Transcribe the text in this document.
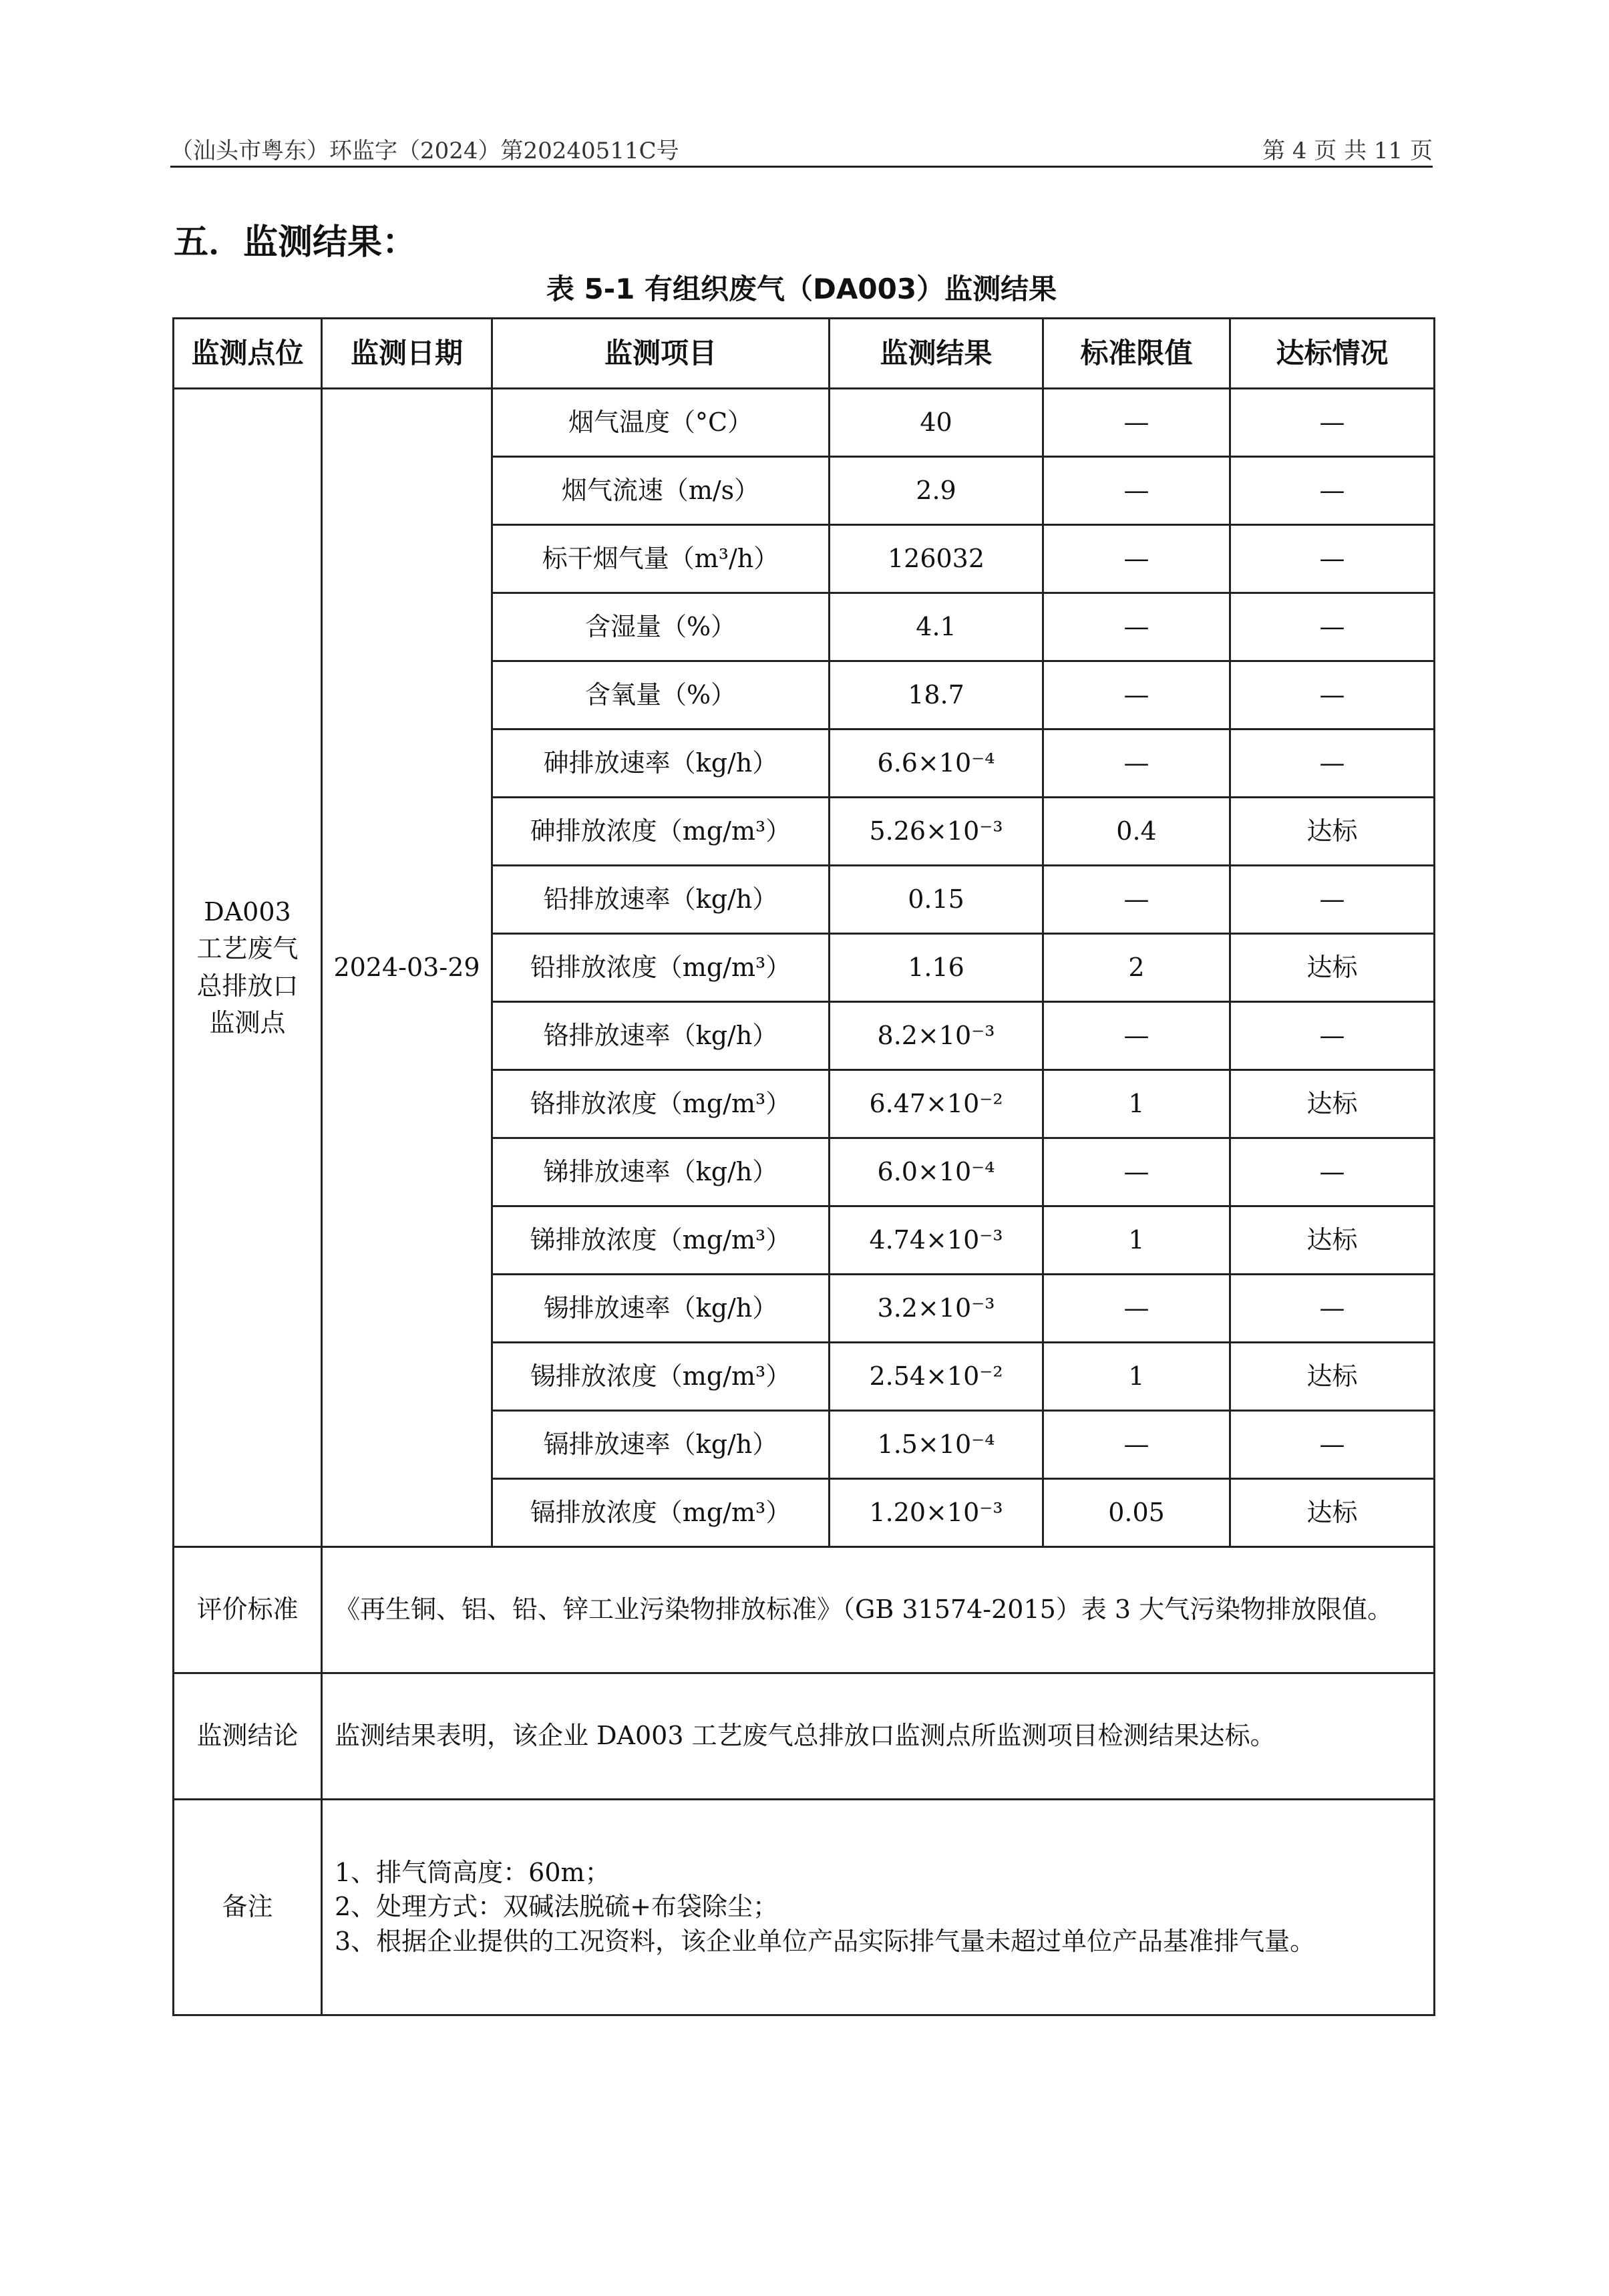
（汕头市粤东）环监字（2024）第20240511C号	第 4 页 共 11 页
五．监测结果：
表 5-1 有组织废气（DA003）监测结果
监测点位	监测日期	监测项目	监测结果	标准限值	达标情况
DA003
工艺废气
总排放口
监测点	2024-03-29	烟气温度（°C）	40	—	—
		烟气流速（m/s）	2.9	—	—
		标干烟气量（m³/h）	126032	—	—
		含湿量（%）	4.1	—	—
		含氧量（%）	18.7	—	—
		砷排放速率（kg/h）	6.6×10⁻⁴	—	—
		砷排放浓度（mg/m³）	5.26×10⁻³	0.4	达标
		铅排放速率（kg/h）	0.15	—	—
		铅排放浓度（mg/m³）	1.16	2	达标
		铬排放速率（kg/h）	8.2×10⁻³	—	—
		铬排放浓度（mg/m³）	6.47×10⁻²	1	达标
		锑排放速率（kg/h）	6.0×10⁻⁴	—	—
		锑排放浓度（mg/m³）	4.74×10⁻³	1	达标
		锡排放速率（kg/h）	3.2×10⁻³	—	—
		锡排放浓度（mg/m³）	2.54×10⁻²	1	达标
		镉排放速率（kg/h）	1.5×10⁻⁴	—	—
		镉排放浓度（mg/m³）	1.20×10⁻³	0.05	达标
评价标准	《再生铜、铝、铅、锌工业污染物排放标准》（GB 31574-2015）表 3 大气污染物排放限值。				
监测结论	监测结果表明，该企业 DA003 工艺废气总排放口监测点所监测项目检测结果达标。				
备注	1、排气筒高度：60m；
2、处理方式：双碱法脱硫+布袋除尘；
3、根据企业提供的工况资料，该企业单位产品实际排气量未超过单位产品基准排气量。				
